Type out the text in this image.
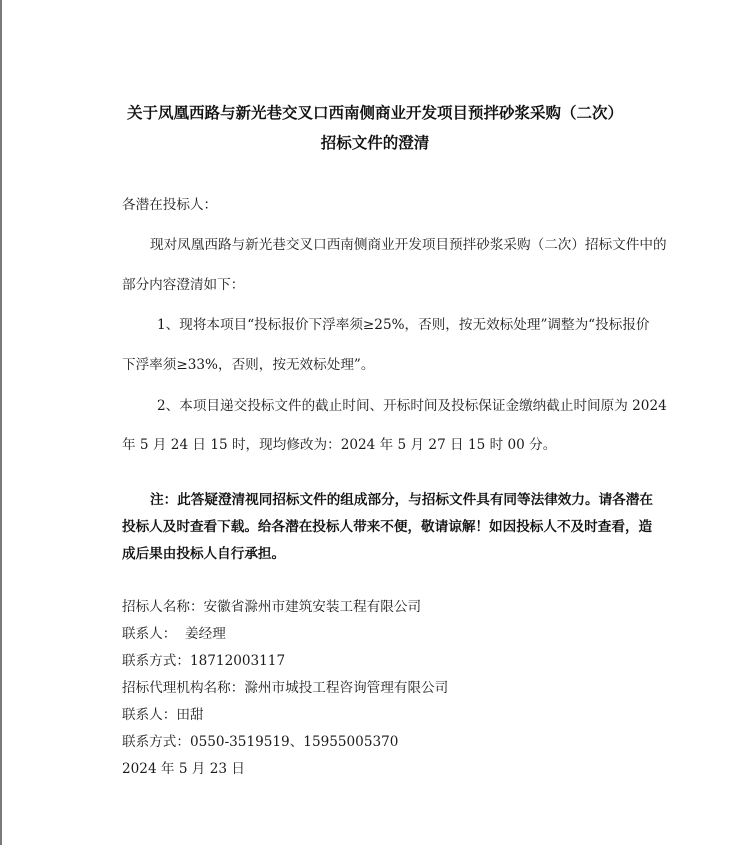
关于凤凰西路与新光巷交叉口西南侧商业开发项目预拌砂浆采购（二次）
招标文件的澄清
各潜在投标人：
现对凤凰西路与新光巷交叉口西南侧商业开发项目预拌砂浆采购（二次）招标文件中的
部分内容澄清如下：
1、现将本项目“投标报价下浮率须≥25%，否则，按无效标处理”调整为“投标报价
下浮率须≥33%，否则，按无效标处理”。
2、本项目递交投标文件的截止时间、开标时间及投标保证金缴纳截止时间原为 2024
年 5 月 24 日 15 时，现均修改为：2024 年 5 月 27 日 15 时 00 分。
注：此答疑澄清视同招标文件的组成部分，与招标文件具有同等法律效力。请各潜在
投标人及时查看下载。给各潜在投标人带来不便，敬请谅解！如因投标人不及时查看，造
成后果由投标人自行承担。
招标人名称：安徽省滁州市建筑安装工程有限公司
联系人：  姜经理
联系方式：18712003117
招标代理机构名称：滁州市城投工程咨询管理有限公司
联系人：田甜
联系方式：0550-3519519、15955005370
2024 年 5 月 23 日
